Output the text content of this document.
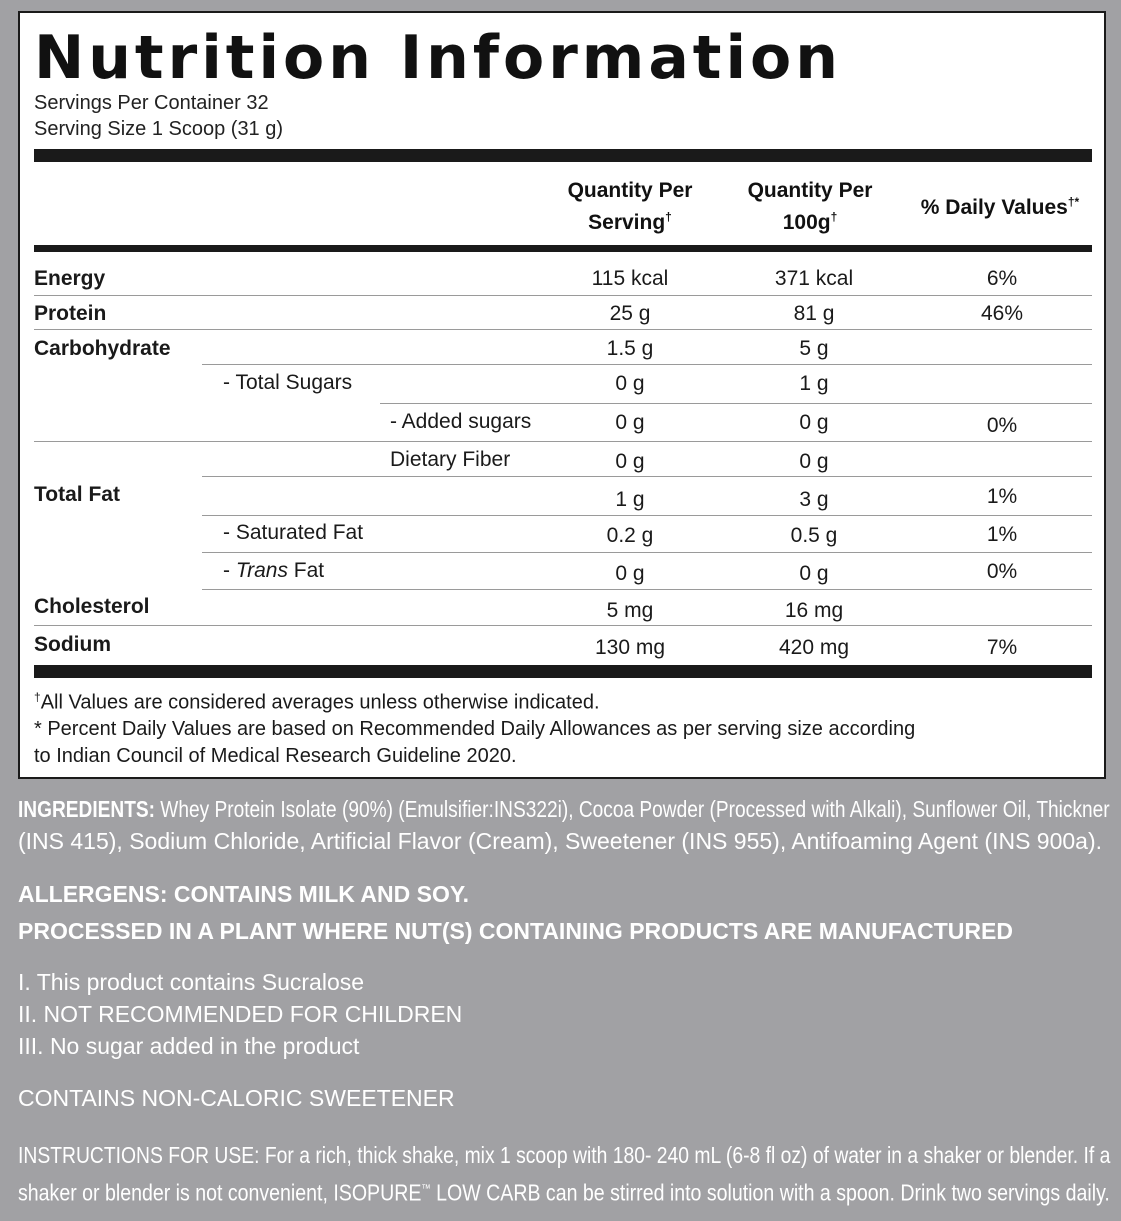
Nutrition Information
Servings Per Container 32
Serving Size 1 Scoop (31 g)
Quantity Per
Serving†
Quantity Per
100g†	% Daily Values†*
Energy	115 kcal	371 kcal	6%
Protein	25 g	81 g	46%
Carbohydrate	1.5 g	5 g
- Total Sugars	0 g	1 g
- Added sugars	0 g	0 g	0%
Dietary Fiber	0 g	0 g
Total Fat	1 g	3 g	1%
- Saturated Fat	0.2 g	0.5 g	1%
- Trans Fat	0 g	0 g	0%
Cholesterol	5 mg	16 mg
Sodium	130 mg	420 mg	7%
†All Values are considered averages unless otherwise indicated.
* Percent Daily Values are based on Recommended Daily Allowances as per serving size according
to Indian Council of Medical Research Guideline 2020.
INGREDIENTS: Whey Protein Isolate (90%) (Emulsifier:INS322i), Cocoa Powder (Processed with Alkali), Sunflower Oil, Thickner
(INS 415), Sodium Chloride, Artificial Flavor (Cream), Sweetener (INS 955), Antifoaming Agent (INS 900a).
ALLERGENS: CONTAINS MILK AND SOY.
PROCESSED IN A PLANT WHERE NUT(S) CONTAINING PRODUCTS ARE MANUFACTURED
I. This product contains Sucralose
II. NOT RECOMMENDED FOR CHILDREN
III. No sugar added in the product
CONTAINS NON-CALORIC SWEETENER
INSTRUCTIONS FOR USE: For a rich, thick shake, mix 1 scoop with 180- 240 mL (6-8 fl oz) of water in a shaker or blender. If a
shaker or blender is not convenient, ISOPURE™ LOW CARB can be stirred into solution with a spoon. Drink two servings daily.
